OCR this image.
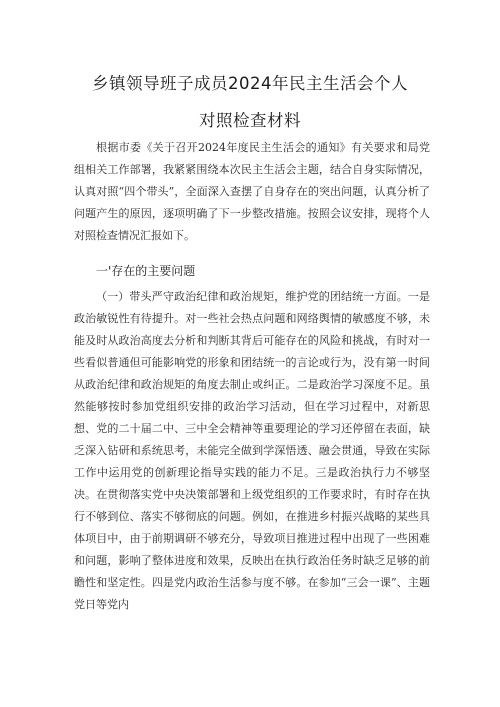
乡镇领导班子成员2024年民主生活会个人
对照检查材料
根据市委《关于召开2024年度民主生活会的通知》有关要求和局党组相关工作部署，我紧紧围绕本次民主生活会主题，结合自身实际情况，认真对照“四个带头”，全面深入查摆了自身存在的突出问题，认真分析了问题产生的原因，逐项明确了下一步整改措施。按照会议安排，现将个人对照检查情况汇报如下。
一'存在的主要问题
（一）带头严守政治纪律和政治规矩，维护党的团结统一方面。一是政治敏锐性有待提升。对一些社会热点问题和网络舆情的敏感度不够，未能及时从政治高度去分析和判断其背后可能存在的风险和挑战，有时对一些看似普通但可能影响党的形象和团结统一的言论或行为，没有第一时间从政治纪律和政治规矩的角度去制止或纠正。二是政治学习深度不足。虽然能够按时参加党组织安排的政治学习活动，但在学习过程中，对新思想、党的二十届二中、三中全会精神等重要理论的学习还停留在表面，缺乏深入钻研和系统思考，未能完全做到学深悟透、融会贯通，导致在实际工作中运用党的创新理论指导实践的能力不足。三是政治执行力不够坚决。在贯彻落实党中央决策部署和上级党组织的工作要求时，有时存在执行不够到位、落实不够彻底的问题。例如，在推进乡村振兴战略的某些具体项目中，由于前期调研不够充分，导致项目推进过程中出现了一些困难和问题，影响了整体进度和效果，反映出在执行政治任务时缺乏足够的前瞻性和坚定性。四是党内政治生活参与度不够。在参加“三会一课”、主题党日等党内
